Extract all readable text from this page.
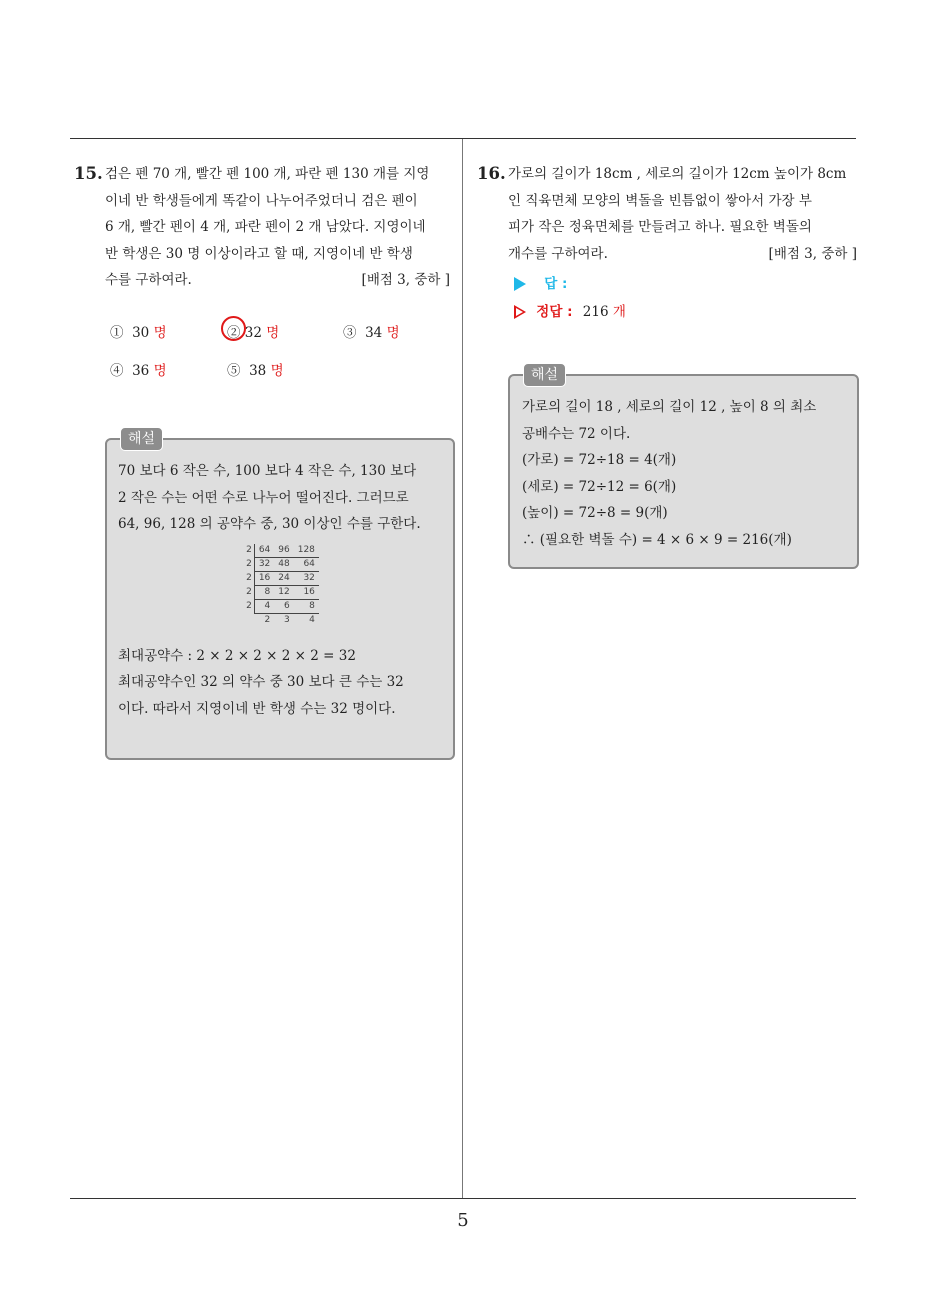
15. 검은 펜 70 개, 빨간 펜 100 개, 파란 펜 130 개를 지영
이네 반 학생들에게 똑같이 나누어주었더니 검은 펜이
6 개, 빨간 펜이 4 개, 파란 펜이 2 개 남았다. 지영이네
반 학생은 30 명 이상이라고 할 때, 지영이네 반 학생
수를 구하여라.	[배점 3, 중하 ]
① 30 명	② 32 명	③ 34 명
④ 36 명	⑤ 38 명
해설
70 보다 6 작은 수, 100 보다 4 작은 수, 130 보다
2 작은 수는 어떤 수로 나누어 떨어진다. 그러므로
64, 96, 128 의 공약수 중, 30 이상인 수를 구한다.
2	64	96	128
2	32	48	64
2	16	24	32
2	8	12	16
2	4	6	8
	2	3	4
최대공약수 : 2 × 2 × 2 × 2 × 2 = 32
최대공약수인 32 의 약수 중 30 보다 큰 수는 32
이다. 따라서 지영이네 반 학생 수는 32 명이다.
16. 가로의 길이가 18cm , 세로의 길이가 12cm 높이가 8cm
인 직육면체 모양의 벽돌을 빈틈없이 쌓아서 가장 부
피가 작은 정육면체를 만들려고 하나. 필요한 벽돌의
개수를 구하여라.	[배점 3, 중하 ]
답 :
정답 : 216 개
해설
가로의 길이 18 , 세로의 길이 12 , 높이 8 의 최소
공배수는 72 이다.
(가로) = 72÷18 = 4(개)
(세로) = 72÷12 = 6(개)
(높이) = 72÷8 = 9(개)
∴ (필요한 벽돌 수) = 4 × 6 × 9 = 216(개)
5
